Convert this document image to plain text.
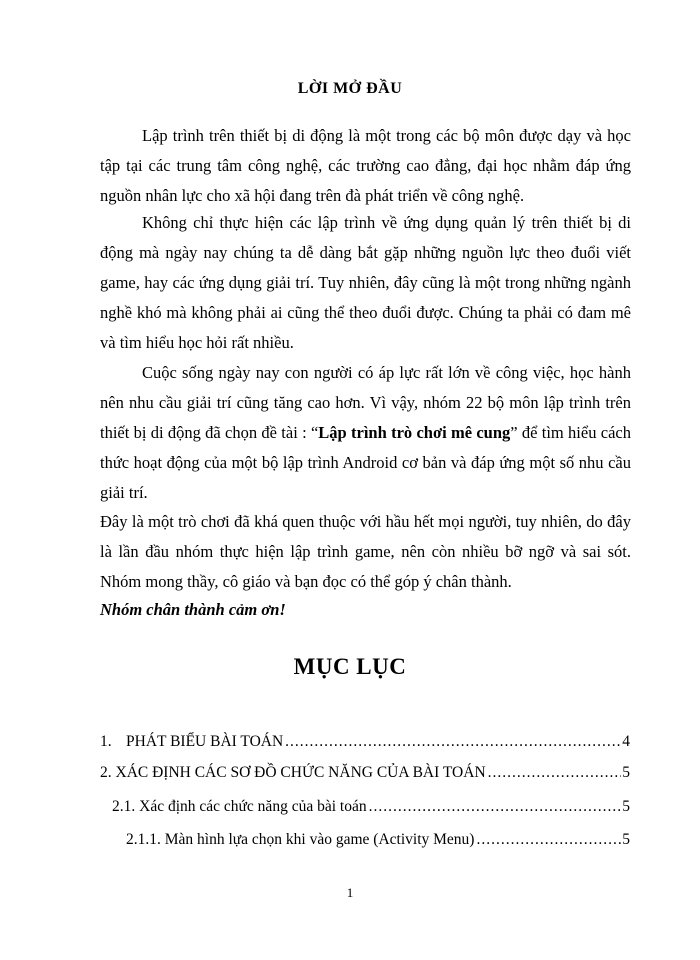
LỜI MỞ ĐẦU

Lập trình trên thiết bị di động là một trong các bộ môn được dạy và học tập tại các trung tâm công nghệ, các trường cao đẳng, đại học nhằm đáp ứng nguồn nhân lực cho xã hội đang trên đà phát triển về công nghệ.

Không chỉ thực hiện các lập trình về ứng dụng quản lý trên thiết bị di động mà ngày nay chúng ta dễ dàng bắt gặp những nguồn lực theo đuổi viết game, hay các ứng dụng giải trí. Tuy nhiên, đây cũng là một trong những ngành nghề khó mà không phải ai cũng thể theo đuổi được. Chúng ta phải có đam mê và tìm hiểu học hỏi rất nhiều.

Cuộc sống ngày nay con người có áp lực rất lớn về công việc, học hành nên nhu cầu giải trí cũng tăng cao hơn. Vì vậy, nhóm 22 bộ môn lập trình trên thiết bị di động đã chọn đề tài : “Lập trình trò chơi mê cung” để tìm hiểu cách thức hoạt động của một bộ lập trình Android cơ bản và đáp ứng một số nhu cầu giải trí.

Đây là một trò chơi đã khá quen thuộc với hầu hết mọi người, tuy nhiên, do đây là lần đầu nhóm thực hiện lập trình game, nên còn nhiều bỡ ngỡ và sai sót. Nhóm mong thầy, cô giáo và bạn đọc có thể góp ý chân thành.

Nhóm chân thành cảm ơn!

MỤC LỤC
1. PHÁT BIỂU BÀI TOÁN .....	4
2. XÁC ĐỊNH CÁC SƠ ĐỒ CHỨC NĂNG CỦA BÀI TOÁN .....	5
2.1. Xác định các chức năng của bài toán .....	5
2.1.1. Màn hình lựa chọn khi vào game (Activity Menu) .....	5
1
